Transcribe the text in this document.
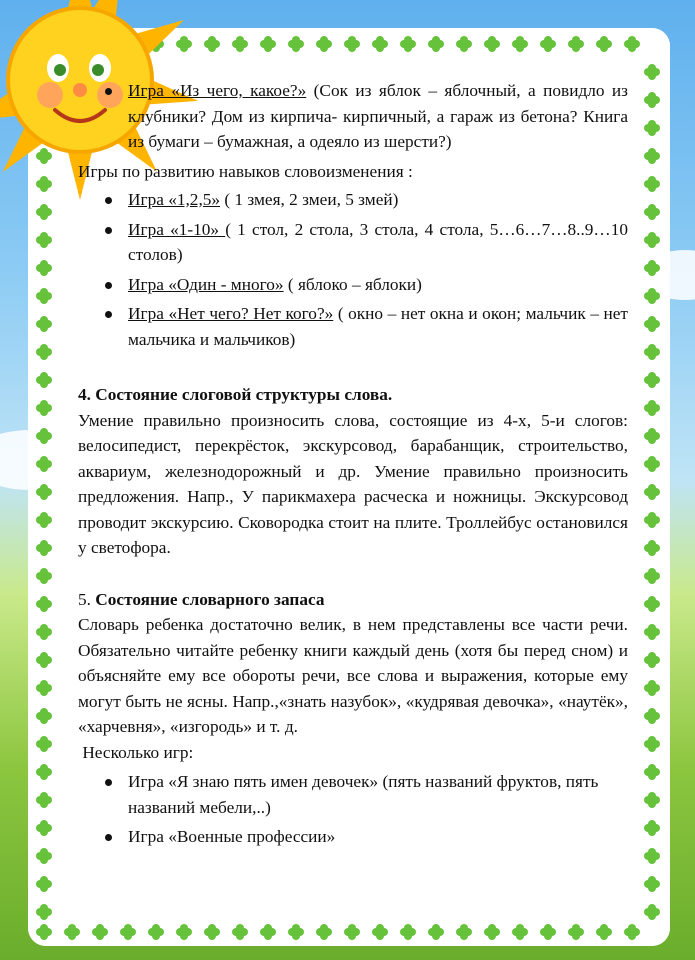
Игра «Из чего, какое?» (Сок из яблок – яблочный, а повидло из клубники? Дом из кирпича- кирпичный, а гараж из бетона? Книга из бумаги – бумажная, а одеяло из шерсти?)

Игры по развитию навыков словоизменения :

Игра «1,2,5» ( 1 змея, 2 змеи, 5 змей)
Игра «1-10» ( 1 стол, 2 стола, 3 стола, 4 стола, 5…6…7…8..9…10 столов)
Игра «Один - много» ( яблоко – яблоки)
Игра «Нет чего? Нет кого?» ( окно – нет окна и окон; мальчик – нет мальчика и мальчиков)

4. Состояние слоговой структуры слова.

Умение правильно произносить слова, состоящие из 4-х, 5-и слогов: велосипедист, перекрёсток, экскурсовод, барабанщик, строительство, аквариум, железнодорожный и др. Умение правильно произносить предложения. Напр., У парикмахера расческа и ножницы. Экскурсовод проводит экскурсию. Сковородка стоит на плите. Троллейбус остановился у светофора.

5. Состояние словарного запаса

Словарь ребенка достаточно велик, в нем представлены все части речи. Обязательно читайте ребенку книги каждый день (хотя бы перед сном) и объясняйте ему все обороты речи, все слова и выражения, которые ему могут быть не ясны. Напр.,«знать назубок», «кудрявая девочка», «наутёк», «харчевня», «изгородь» и т. д.

Несколько игр:

Игра «Я знаю пять имен девочек» (пять названий фруктов, пять названий мебели,..)
Игра «Военные профессии»
